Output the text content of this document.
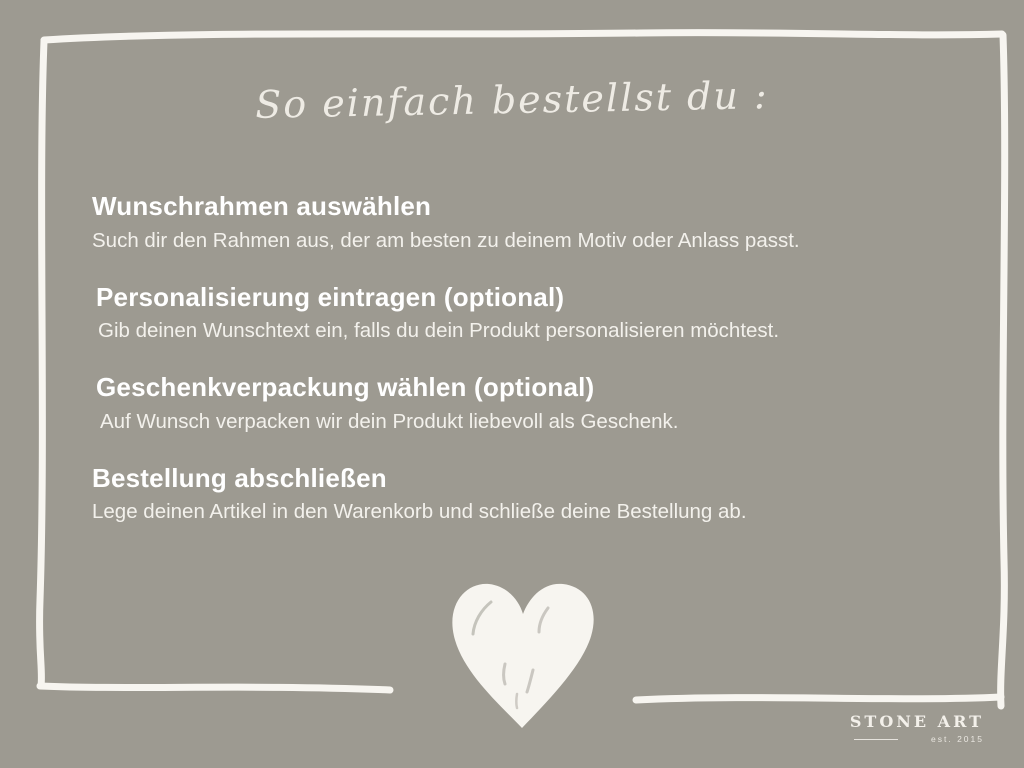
So einfach bestellst du :

Wunschrahmen auswählen

Such dir den Rahmen aus, der am besten zu deinem Motiv oder Anlass passt.

Personalisierung eintragen (optional)

Gib deinen Wunschtext ein, falls du dein Produkt personalisieren möchtest.

Geschenkverpackung wählen (optional)

Auf Wunsch verpacken wir dein Produkt liebevoll als Geschenk.

Bestellung abschließen

Lege deinen Artikel in den Warenkorb und schließe deine Bestellung ab.

STONE ART
est. 2015
